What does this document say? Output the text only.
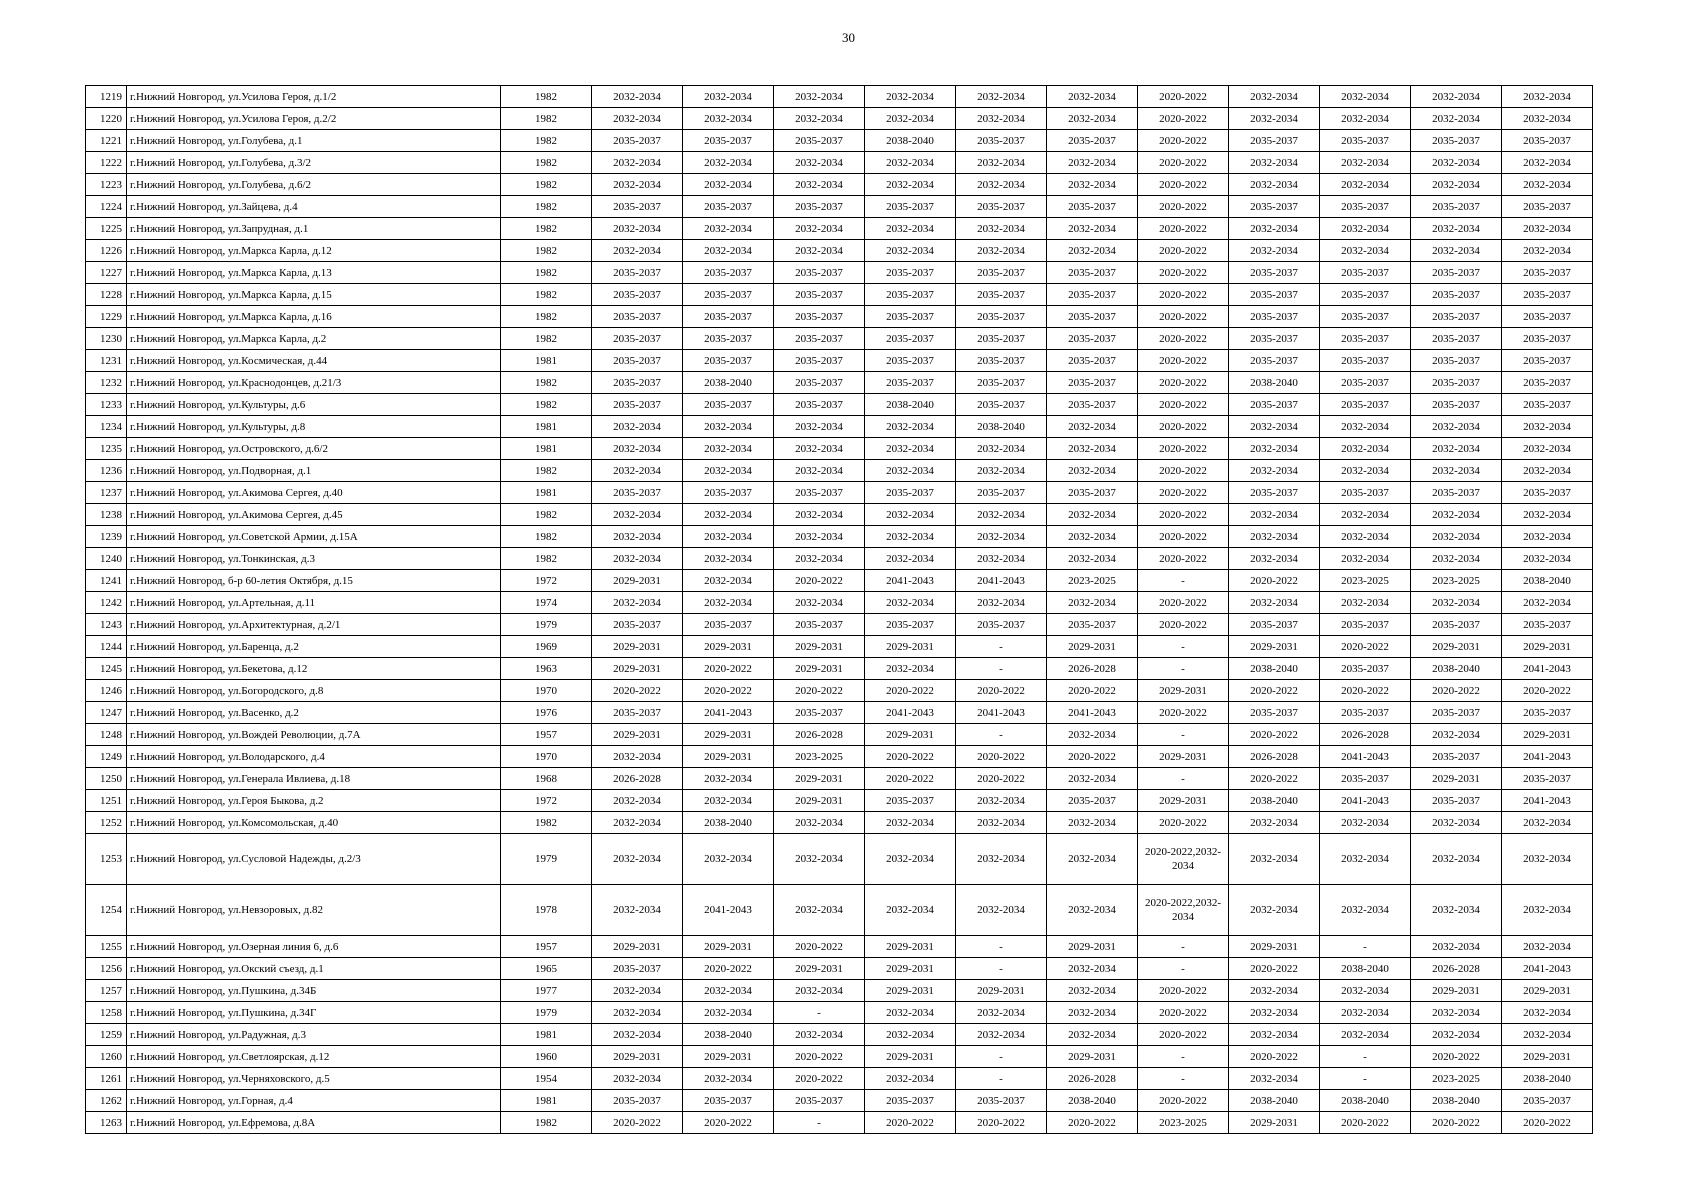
30
1219	г.Нижний Новгород, ул.Усилова Героя, д.1/2	1982	2032-2034	2032-2034	2032-2034	2032-2034	2032-2034	2032-2034	2020-2022	2032-2034	2032-2034	2032-2034	2032-2034
1220	г.Нижний Новгород, ул.Усилова Героя, д.2/2	1982	2032-2034	2032-2034	2032-2034	2032-2034	2032-2034	2032-2034	2020-2022	2032-2034	2032-2034	2032-2034	2032-2034
1221	г.Нижний Новгород, ул.Голубева, д.1	1982	2035-2037	2035-2037	2035-2037	2038-2040	2035-2037	2035-2037	2020-2022	2035-2037	2035-2037	2035-2037	2035-2037
1222	г.Нижний Новгород, ул.Голубева, д.3/2	1982	2032-2034	2032-2034	2032-2034	2032-2034	2032-2034	2032-2034	2020-2022	2032-2034	2032-2034	2032-2034	2032-2034
1223	г.Нижний Новгород, ул.Голубева, д.6/2	1982	2032-2034	2032-2034	2032-2034	2032-2034	2032-2034	2032-2034	2020-2022	2032-2034	2032-2034	2032-2034	2032-2034
1224	г.Нижний Новгород, ул.Зайцева, д.4	1982	2035-2037	2035-2037	2035-2037	2035-2037	2035-2037	2035-2037	2020-2022	2035-2037	2035-2037	2035-2037	2035-2037
1225	г.Нижний Новгород, ул.Запрудная, д.1	1982	2032-2034	2032-2034	2032-2034	2032-2034	2032-2034	2032-2034	2020-2022	2032-2034	2032-2034	2032-2034	2032-2034
1226	г.Нижний Новгород, ул.Маркса Карла, д.12	1982	2032-2034	2032-2034	2032-2034	2032-2034	2032-2034	2032-2034	2020-2022	2032-2034	2032-2034	2032-2034	2032-2034
1227	г.Нижний Новгород, ул.Маркса Карла, д.13	1982	2035-2037	2035-2037	2035-2037	2035-2037	2035-2037	2035-2037	2020-2022	2035-2037	2035-2037	2035-2037	2035-2037
1228	г.Нижний Новгород, ул.Маркса Карла, д.15	1982	2035-2037	2035-2037	2035-2037	2035-2037	2035-2037	2035-2037	2020-2022	2035-2037	2035-2037	2035-2037	2035-2037
1229	г.Нижний Новгород, ул.Маркса Карла, д.16	1982	2035-2037	2035-2037	2035-2037	2035-2037	2035-2037	2035-2037	2020-2022	2035-2037	2035-2037	2035-2037	2035-2037
1230	г.Нижний Новгород, ул.Маркса Карла, д.2	1982	2035-2037	2035-2037	2035-2037	2035-2037	2035-2037	2035-2037	2020-2022	2035-2037	2035-2037	2035-2037	2035-2037
1231	г.Нижний Новгород, ул.Космическая, д.44	1981	2035-2037	2035-2037	2035-2037	2035-2037	2035-2037	2035-2037	2020-2022	2035-2037	2035-2037	2035-2037	2035-2037
1232	г.Нижний Новгород, ул.Краснодонцев, д.21/3	1982	2035-2037	2038-2040	2035-2037	2035-2037	2035-2037	2035-2037	2020-2022	2038-2040	2035-2037	2035-2037	2035-2037
1233	г.Нижний Новгород, ул.Культуры, д.6	1982	2035-2037	2035-2037	2035-2037	2038-2040	2035-2037	2035-2037	2020-2022	2035-2037	2035-2037	2035-2037	2035-2037
1234	г.Нижний Новгород, ул.Культуры, д.8	1981	2032-2034	2032-2034	2032-2034	2032-2034	2038-2040	2032-2034	2020-2022	2032-2034	2032-2034	2032-2034	2032-2034
1235	г.Нижний Новгород, ул.Островского, д.6/2	1981	2032-2034	2032-2034	2032-2034	2032-2034	2032-2034	2032-2034	2020-2022	2032-2034	2032-2034	2032-2034	2032-2034
1236	г.Нижний Новгород, ул.Подворная, д.1	1982	2032-2034	2032-2034	2032-2034	2032-2034	2032-2034	2032-2034	2020-2022	2032-2034	2032-2034	2032-2034	2032-2034
1237	г.Нижний Новгород, ул.Акимова Сергея, д.40	1981	2035-2037	2035-2037	2035-2037	2035-2037	2035-2037	2035-2037	2020-2022	2035-2037	2035-2037	2035-2037	2035-2037
1238	г.Нижний Новгород, ул.Акимова Сергея, д.45	1982	2032-2034	2032-2034	2032-2034	2032-2034	2032-2034	2032-2034	2020-2022	2032-2034	2032-2034	2032-2034	2032-2034
1239	г.Нижний Новгород, ул.Советской Армии, д.15А	1982	2032-2034	2032-2034	2032-2034	2032-2034	2032-2034	2032-2034	2020-2022	2032-2034	2032-2034	2032-2034	2032-2034
1240	г.Нижний Новгород, ул.Тонкинская, д.3	1982	2032-2034	2032-2034	2032-2034	2032-2034	2032-2034	2032-2034	2020-2022	2032-2034	2032-2034	2032-2034	2032-2034
1241	г.Нижний Новгород, б-р 60-летия Октября, д.15	1972	2029-2031	2032-2034	2020-2022	2041-2043	2041-2043	2023-2025	-	2020-2022	2023-2025	2023-2025	2038-2040
1242	г.Нижний Новгород, ул.Артельная, д.11	1974	2032-2034	2032-2034	2032-2034	2032-2034	2032-2034	2032-2034	2020-2022	2032-2034	2032-2034	2032-2034	2032-2034
1243	г.Нижний Новгород, ул.Архитектурная, д.2/1	1979	2035-2037	2035-2037	2035-2037	2035-2037	2035-2037	2035-2037	2020-2022	2035-2037	2035-2037	2035-2037	2035-2037
1244	г.Нижний Новгород, ул.Баренца, д.2	1969	2029-2031	2029-2031	2029-2031	2029-2031	-	2029-2031	-	2029-2031	2020-2022	2029-2031	2029-2031
1245	г.Нижний Новгород, ул.Бекетова, д.12	1963	2029-2031	2020-2022	2029-2031	2032-2034	-	2026-2028	-	2038-2040	2035-2037	2038-2040	2041-2043
1246	г.Нижний Новгород, ул.Богородского, д.8	1970	2020-2022	2020-2022	2020-2022	2020-2022	2020-2022	2020-2022	2029-2031	2020-2022	2020-2022	2020-2022	2020-2022
1247	г.Нижний Новгород, ул.Васенко, д.2	1976	2035-2037	2041-2043	2035-2037	2041-2043	2041-2043	2041-2043	2020-2022	2035-2037	2035-2037	2035-2037	2035-2037
1248	г.Нижний Новгород, ул.Вождей Революции, д.7А	1957	2029-2031	2029-2031	2026-2028	2029-2031	-	2032-2034	-	2020-2022	2026-2028	2032-2034	2029-2031
1249	г.Нижний Новгород, ул.Володарского, д.4	1970	2032-2034	2029-2031	2023-2025	2020-2022	2020-2022	2020-2022	2029-2031	2026-2028	2041-2043	2035-2037	2041-2043
1250	г.Нижний Новгород, ул.Генерала Ивлиева, д.18	1968	2026-2028	2032-2034	2029-2031	2020-2022	2020-2022	2032-2034	-	2020-2022	2035-2037	2029-2031	2035-2037
1251	г.Нижний Новгород, ул.Героя Быкова, д.2	1972	2032-2034	2032-2034	2029-2031	2035-2037	2032-2034	2035-2037	2029-2031	2038-2040	2041-2043	2035-2037	2041-2043
1252	г.Нижний Новгород, ул.Комсомольская, д.40	1982	2032-2034	2038-2040	2032-2034	2032-2034	2032-2034	2032-2034	2020-2022	2032-2034	2032-2034	2032-2034	2032-2034
1253	г.Нижний Новгород, ул.Сусловой Надежды, д.2/3	1979	2032-2034	2032-2034	2032-2034	2032-2034	2032-2034	2032-2034	2020-2022,2032-2034	2032-2034	2032-2034	2032-2034	2032-2034
1254	г.Нижний Новгород, ул.Невзоровых, д.82	1978	2032-2034	2041-2043	2032-2034	2032-2034	2032-2034	2032-2034	2020-2022,2032-2034	2032-2034	2032-2034	2032-2034	2032-2034
1255	г.Нижний Новгород, ул.Озерная линия 6, д.6	1957	2029-2031	2029-2031	2020-2022	2029-2031	-	2029-2031	-	2029-2031	-	2032-2034	2032-2034
1256	г.Нижний Новгород, ул.Окский съезд, д.1	1965	2035-2037	2020-2022	2029-2031	2029-2031	-	2032-2034	-	2020-2022	2038-2040	2026-2028	2041-2043
1257	г.Нижний Новгород, ул.Пушкина, д.34Б	1977	2032-2034	2032-2034	2032-2034	2029-2031	2029-2031	2032-2034	2020-2022	2032-2034	2032-2034	2029-2031	2029-2031
1258	г.Нижний Новгород, ул.Пушкина, д.34Г	1979	2032-2034	2032-2034	-	2032-2034	2032-2034	2032-2034	2020-2022	2032-2034	2032-2034	2032-2034	2032-2034
1259	г.Нижний Новгород, ул.Радужная, д.3	1981	2032-2034	2038-2040	2032-2034	2032-2034	2032-2034	2032-2034	2020-2022	2032-2034	2032-2034	2032-2034	2032-2034
1260	г.Нижний Новгород, ул.Светлоярская, д.12	1960	2029-2031	2029-2031	2020-2022	2029-2031	-	2029-2031	-	2020-2022	-	2020-2022	2029-2031
1261	г.Нижний Новгород, ул.Черняховского, д.5	1954	2032-2034	2032-2034	2020-2022	2032-2034	-	2026-2028	-	2032-2034	-	2023-2025	2038-2040
1262	г.Нижний Новгород, ул.Горная, д.4	1981	2035-2037	2035-2037	2035-2037	2035-2037	2035-2037	2038-2040	2020-2022	2038-2040	2038-2040	2038-2040	2035-2037
1263	г.Нижний Новгород, ул.Ефремова, д.8А	1982	2020-2022	2020-2022	-	2020-2022	2020-2022	2020-2022	2023-2025	2029-2031	2020-2022	2020-2022	2020-2022
